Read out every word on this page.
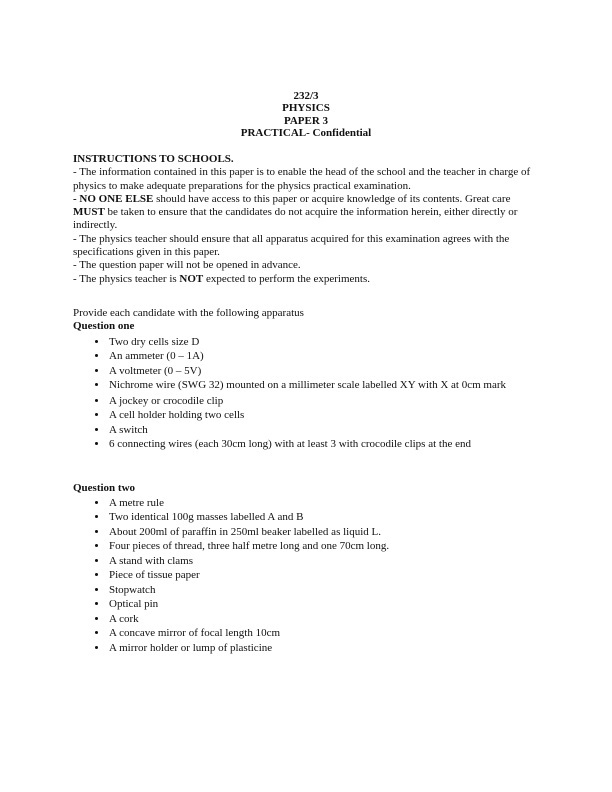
232/3
PHYSICS
PAPER 3
PRACTICAL- Confidential

INSTRUCTIONS TO SCHOOLS.

- The information contained in this paper is to enable the head of the school and the teacher in charge of physics to make adequate preparations for the physics practical examination.

- NO ONE ELSE should have access to this paper or acquire knowledge of its contents. Great care MUST be taken to ensure that the candidates do not acquire the information herein, either directly or indirectly.

- The physics teacher should ensure that all apparatus acquired for this examination agrees with the specifications given in this paper.

- The question paper will not be opened in advance.

- The physics teacher is NOT expected to perform the experiments.

Provide each candidate with the following apparatus

Question one

• Two dry cells size D
• An ammeter (0 – 1A)
• A voltmeter (0 – 5V)
• Nichrome wire (SWG 32) mounted on a millimeter scale labelled XY with X at 0cm mark
• A jockey or crocodile clip
• A cell holder holding two cells
• A switch
• 6 connecting wires (each 30cm long) with at least 3 with crocodile clips at the end

Question two

• A metre rule
• Two identical 100g masses labelled A and B
• About 200ml of paraffin in 250ml beaker labelled as liquid L.
• Four pieces of thread, three half metre long and one 70cm long.
• A stand with clams
• Piece of tissue paper
• Stopwatch
• Optical pin
• A cork
• A concave mirror of focal length 10cm
• A mirror holder or lump of plasticine
